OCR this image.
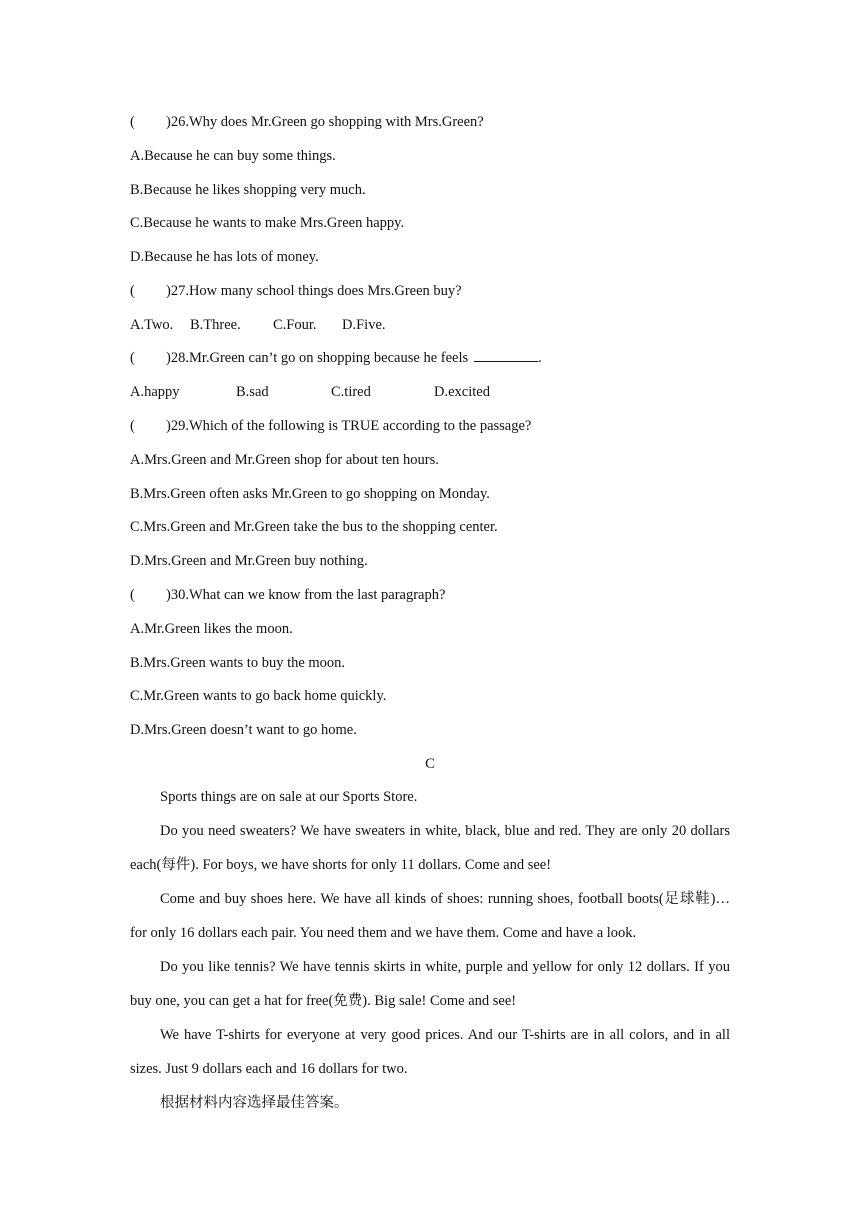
( )26.Why does Mr.Green go shopping with Mrs.Green?
A.Because he can buy some things.
B.Because he likes shopping very much.
C.Because he wants to make Mrs.Green happy.
D.Because he has lots of money.
( )27.How many school things does Mrs.Green buy?
A.Two. B.Three. C.Four. D.Five.
( )28.Mr.Green can’t go on shopping because he feels	.
A.happy	B.sad	C.tired	D.excited
( )29.Which of the following is TRUE according to the passage?
A.Mrs.Green and Mr.Green shop for about ten hours.
B.Mrs.Green often asks Mr.Green to go shopping on Monday.
C.Mrs.Green and Mr.Green take the bus to the shopping center.
D.Mrs.Green and Mr.Green buy nothing.
( )30.What can we know from the last paragraph?
A.Mr.Green likes the moon.
B.Mrs.Green wants to buy the moon.
C.Mr.Green wants to go back home quickly.
D.Mrs.Green doesn’t want to go home.
C

Sports things are on sale at our Sports Store.

Do you need sweaters? We have sweaters in white, black, blue and red. They are only 20 dollars each(每件). For boys, we have shorts for only 11 dollars. Come and see!

Come and buy shoes here. We have all kinds of shoes: running shoes, football boots(足球鞋)…for only 16 dollars each pair. You need them and we have them. Come and have a look.

Do you like tennis? We have tennis skirts in white, purple and yellow for only 12 dollars. If you buy one, you can get a hat for free(免费). Big sale! Come and see!

We have T-shirts for everyone at very good prices. And our T-shirts are in all colors, and in all sizes. Just 9 dollars each and 16 dollars for two.

根据材料内容选择最佳答案。
